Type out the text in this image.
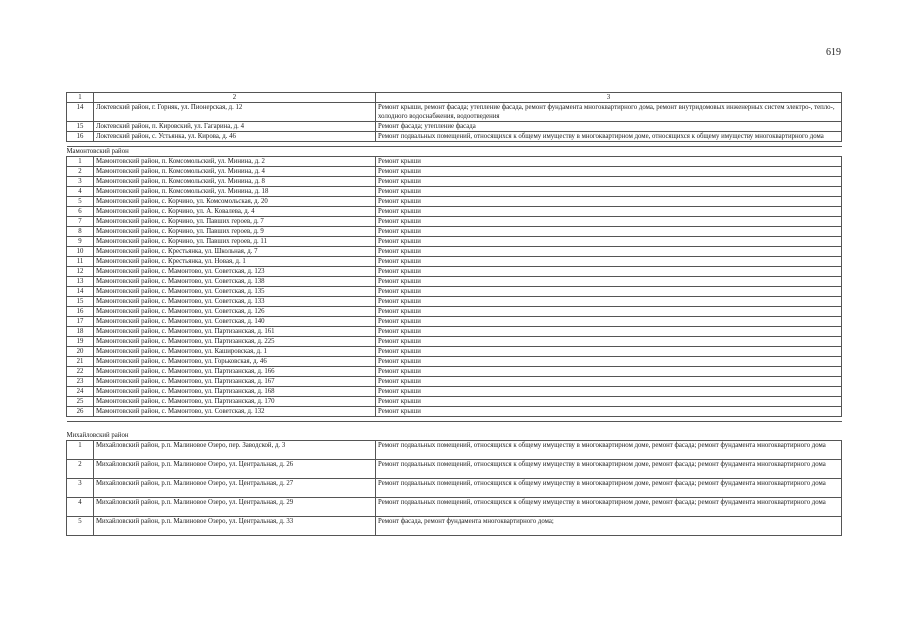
619
1	2	3
14	Локтевский район, г. Горняк, ул. Пионерская, д. 12	Ремонт крыши, ремонт фасада; утепление фасада, ремонт фундамента многоквартирного дома, ремонт внутридомовых инженерных систем электро-, тепло-, холодного водоснабжения, водоотведения
15	Локтевский район, п. Кировский, ул. Гагарина, д. 4	Ремонт фасада; утепление фасада
16	Локтевский район, с. Устьянка, ул. Кирова, д. 46	Ремонт подвальных помещений, относящихся к общему имуществу в многоквартирном доме, относящихся к общему имуществу многоквартирного дома

Мамонтовский район		
1	Мамонтовский район, п. Комсомольский, ул. Минина, д. 2	Ремонт крыши
2	Мамонтовский район, п. Комсомольский, ул. Минина, д. 4	Ремонт крыши
3	Мамонтовский район, п. Комсомольский, ул. Минина, д. 8	Ремонт крыши
4	Мамонтовский район, п. Комсомольский, ул. Минина, д. 18	Ремонт крыши
5	Мамонтовский район, с. Корчино, ул. Комсомольская, д. 20	Ремонт крыши
6	Мамонтовский район, с. Корчино, ул. А. Ковалева, д. 4	Ремонт крыши
7	Мамонтовский район, с. Корчино, ул. Павших героев, д. 7	Ремонт крыши
8	Мамонтовский район, с. Корчино, ул. Павших героев, д. 9	Ремонт крыши
9	Мамонтовский район, с. Корчино, ул. Павших героев, д. 11	Ремонт крыши
10	Мамонтовский район, с. Крестьянка, ул. Школьная, д. 7	Ремонт крыши
11	Мамонтовский район, с. Крестьянка, ул. Новая, д. 1	Ремонт крыши
12	Мамонтовский район, с. Мамонтово, ул. Советская, д. 123	Ремонт крыши
13	Мамонтовский район, с. Мамонтово, ул. Советская, д. 138	Ремонт крыши
14	Мамонтовский район, с. Мамонтово, ул. Советская, д. 135	Ремонт крыши
15	Мамонтовский район, с. Мамонтово, ул. Советская, д. 133	Ремонт крыши
16	Мамонтовский район, с. Мамонтово, ул. Советская, д. 126	Ремонт крыши
17	Мамонтовский район, с. Мамонтово, ул. Советская, д. 140	Ремонт крыши
18	Мамонтовский район, с. Мамонтово, ул. Партизанская, д. 161	Ремонт крыши
19	Мамонтовский район, с. Мамонтово, ул. Партизанская, д. 225	Ремонт крыши
20	Мамонтовский район, с. Мамонтово, ул. Кашировская, д. 1	Ремонт крыши
21	Мамонтовский район, с. Мамонтово, ул. Горьковская, д. 46	Ремонт крыши
22	Мамонтовский район, с. Мамонтово, ул. Партизанская, д. 166	Ремонт крыши
23	Мамонтовский район, с. Мамонтово, ул. Партизанская, д. 167	Ремонт крыши
24	Мамонтовский район, с. Мамонтово, ул. Партизанская, д. 168	Ремонт крыши
25	Мамонтовский район, с. Мамонтово, ул. Партизанская, д. 170	Ремонт крыши
26	Мамонтовский район, с. Мамонтово, ул. Советская, д. 132	Ремонт крыши

Михайловский район		
1	Михайловский район, р.п. Малиновое Озеро, пер. Заводской, д. 3	Ремонт подвальных помещений, относящихся к общему имуществу в многоквартирном доме, ремонт фасада; ремонт фундамента многоквартирного дома
2	Михайловский район, р.п. Малиновое Озеро, ул. Центральная, д. 26	Ремонт подвальных помещений, относящихся к общему имуществу в многоквартирном доме, ремонт фасада; ремонт фундамента многоквартирного дома
3	Михайловский район, р.п. Малиновое Озеро, ул. Центральная, д. 27	Ремонт подвальных помещений, относящихся к общему имуществу в многоквартирном доме, ремонт фасада; ремонт фундамента многоквартирного дома
4	Михайловский район, р.п. Малиновое Озеро, ул. Центральная, д. 29	Ремонт подвальных помещений, относящихся к общему имуществу в многоквартирном доме, ремонт фасада; ремонт фундамента многоквартирного дома
5	Михайловский район, р.п. Малиновое Озеро, ул. Центральная, д. 33	Ремонт фасада, ремонт фундамента многоквартирного дома;
